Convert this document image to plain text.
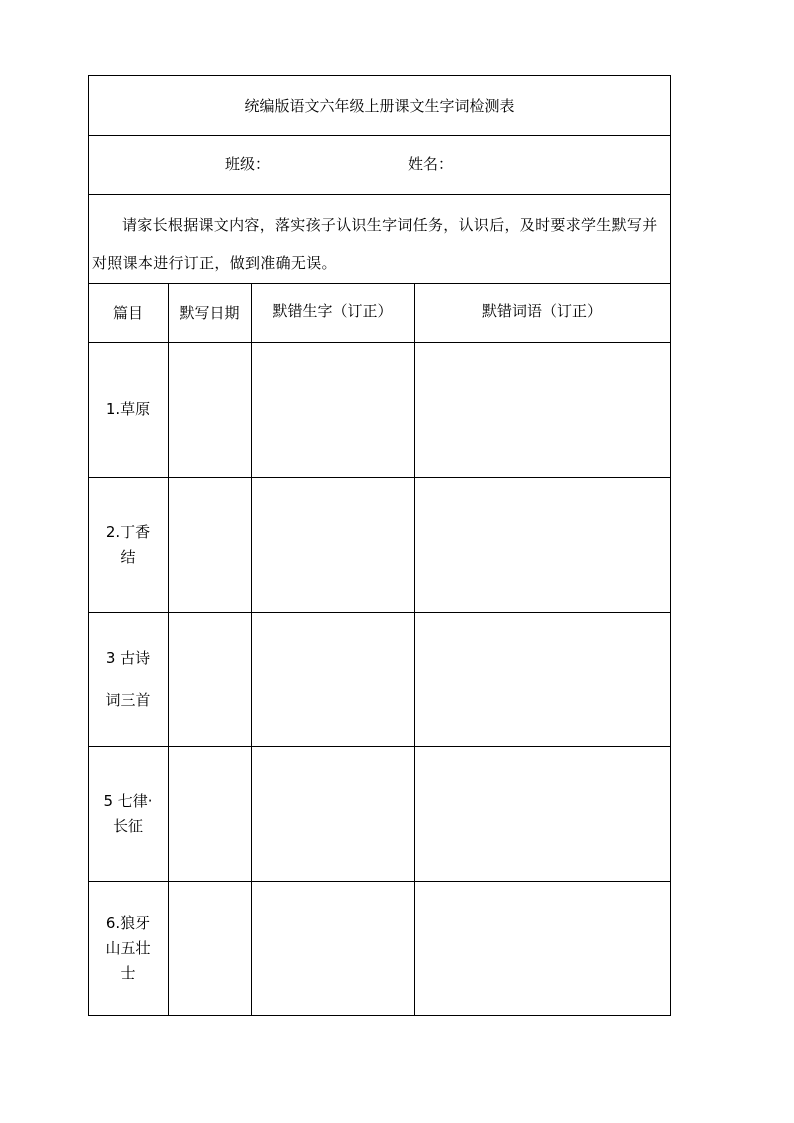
统编版语文六年级上册课文生字词检测表
班级：	姓名：
请家长根据课文内容，落实孩子认识生字词任务，认识后，及时要求学生默写并对照课本进行订正，做到准确无误。
篇目	默写日期	默错生字（订正）	默错词语（订正）
1.草原
2.丁香结
3 古诗词三首
5 七律·长征
6.狼牙山五壮士
